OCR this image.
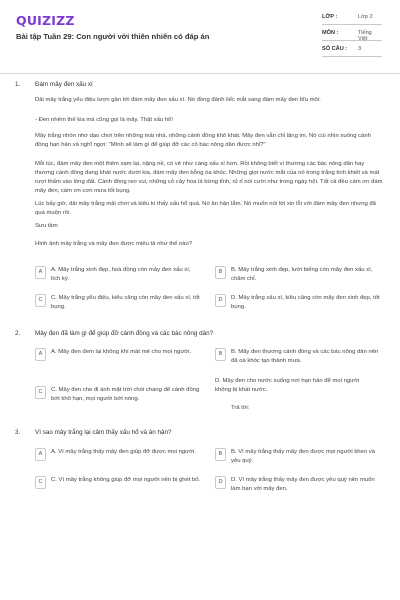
QUIZIZZ
Bài tập Tuần 29: Con người với thiên nhiên có đáp án
LỚP :	Lớp 2
MÔN :	Tiếng Việt
SỐ CÂU : 3
1. Đám mây đen xấu xí
Dải mây trắng yểu điệu lượn gần tới đám mây đen xấu xí. Nó đồng đảnh liếc mắt sang đám mây đen bĩu môi:
- Đen nhẻm thế kia mà cũng gọi là mây. Thật xấu hổ!
Mây trắng nhón nhơ dạo chơi trên những mái nhà, những cánh đồng khô khát. Mây đen vẫn chỉ lặng im. Nó cúi nhìn xuống cánh đồng hạn hán và nghĩ ngợi: "Mình sẽ làm gì để giúp đỡ các cô bác nông dân được nhỉ?"
Mỗi lúc, đám mây đen một thêm xạm lại, nặng nề, có vẻ như càng xấu xí hơn. Rồi không biết vì thương các bác nông dân hay thương cánh đồng đang khát nước dưới kia, đám mây đen bỗng òa khóc. Những giọt nước mắt của nó trong trắng tinh khiết và mát rượi thấm vào lòng đất. Cánh đồng reo vui, những cỏ cây hoa lá bừng tỉnh, rủ rỉ nói cười như trong ngày hội. Tất cả đều cám ơn đám mây đen, cám ơn cơn mưa tốt bụng.
Lúc bấy giờ, dải mây trắng mải chơi và kiêu kì thấy xấu hổ quá. Nó ân hận lắm. Nó muốn nói lời xin lỗi với đám mây đen nhưng đã quá muộn rồi.
Sưu tầm
Hình ảnh mây trắng và mây đen được miêu tả như thế nào?
A	A. Mây trắng xinh đẹp, hoà đồng còn mây đen xấu xí, lích kỷ.
B	B. Mây trắng xinh đẹp, lười biếng còn mây đen xấu xí, chăm chỉ.
C	C. Mây trắng yểu điệu, kiêu căng còn mây đen xấu xí, tốt bụng.
D	D. Mây trắng xấu xí, kiêu căng còn mây đen xinh đẹp, tốt bụng.
2. Mây đen đã làm gì để giúp đỡ cánh đồng và các bác nông dân?
A	A. Mây đen đem lại không khí mát mẻ cho mọi người.	B	B. Mây đen thương cánh đồng và các bác nông dân nên đã oà khóc tạo thành mưa.
C	C. Mây đen che đi ánh mặt trời chói chang để cánh đồng bớt khô hạn, mọi người bớt nóng.
D. Mây đen cho nước xuống nơi hạn hán để mọi người không bị khát nước.
Trả lời:
3. Vì sao mây trắng lại cảm thấy xấu hổ và ân hận?
A	A. Vì mây trắng thấy mây đen giúp đỡ được mọi người.	B	B. Vì mây trắng thấy mây đen được mọi người khen và yêu quý.
C	C. Vì mây trắng không giúp đỡ mọi người nên bị ghét bỏ.	D	D. Vì mây trắng thấy mây đen được yêu quý nên muốn làm bạn với mây đen.
